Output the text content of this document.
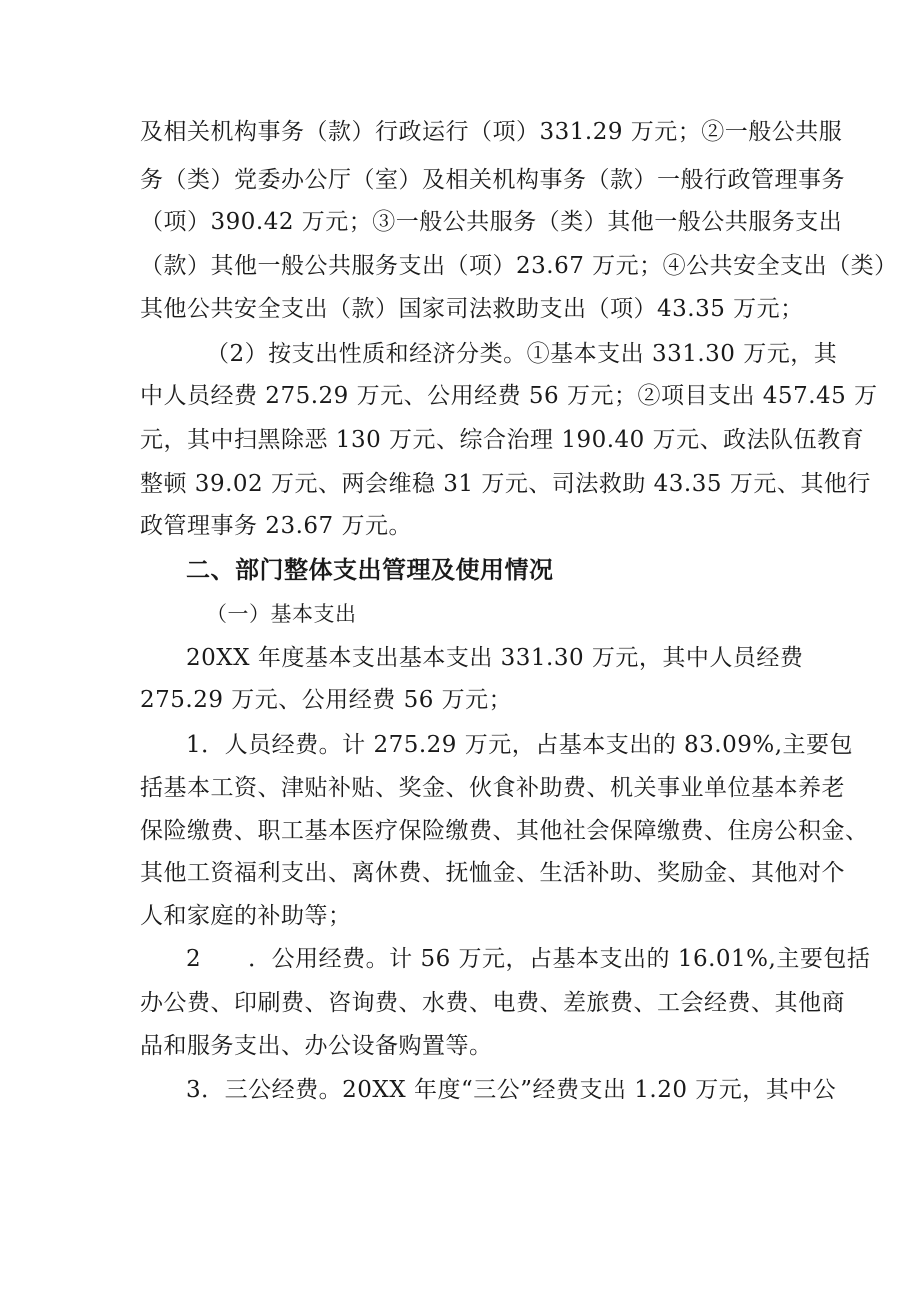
及相关机构事务（款）行政运行（项）331.29 万元；②一般公共服
务（类）党委办公厅（室）及相关机构事务（款）一般行政管理事务
（项）390.42 万元；③一般公共服务（类）其他一般公共服务支出
（款）其他一般公共服务支出（项）23.67 万元；④公共安全支出（类）
其他公共安全支出（款）国家司法救助支出（项）43.35 万元；
（2）按支出性质和经济分类。①基本支出 331.30 万元，其
中人员经费 275.29 万元、公用经费 56 万元；②项目支出 457.45 万
元，其中扫黑除恶 130 万元、综合治理 190.40 万元、政法队伍教育
整顿 39.02 万元、两会维稳 31 万元、司法救助 43.35 万元、其他行
政管理事务 23.67 万元。
二、部门整体支出管理及使用情况
（一）基本支出
20XX 年度基本支出基本支出 331.30 万元，其中人员经费
275.29 万元、公用经费 56 万元；
1．人员经费。计 275.29 万元，占基本支出的 83.09%,主要包
括基本工资、津贴补贴、奖金、伙食补助费、机关事业单位基本养老
保险缴费、职工基本医疗保险缴费、其他社会保障缴费、住房公积金、
其他工资福利支出、离休费、抚恤金、生活补助、奖励金、其他对个
人和家庭的补助等；
2　　．公用经费。计 56 万元，占基本支出的 16.01%,主要包括
办公费、印刷费、咨询费、水费、电费、差旅费、工会经费、其他商
品和服务支出、办公设备购置等。
3．三公经费。20XX 年度“三公”经费支出 1.20 万元，其中公
